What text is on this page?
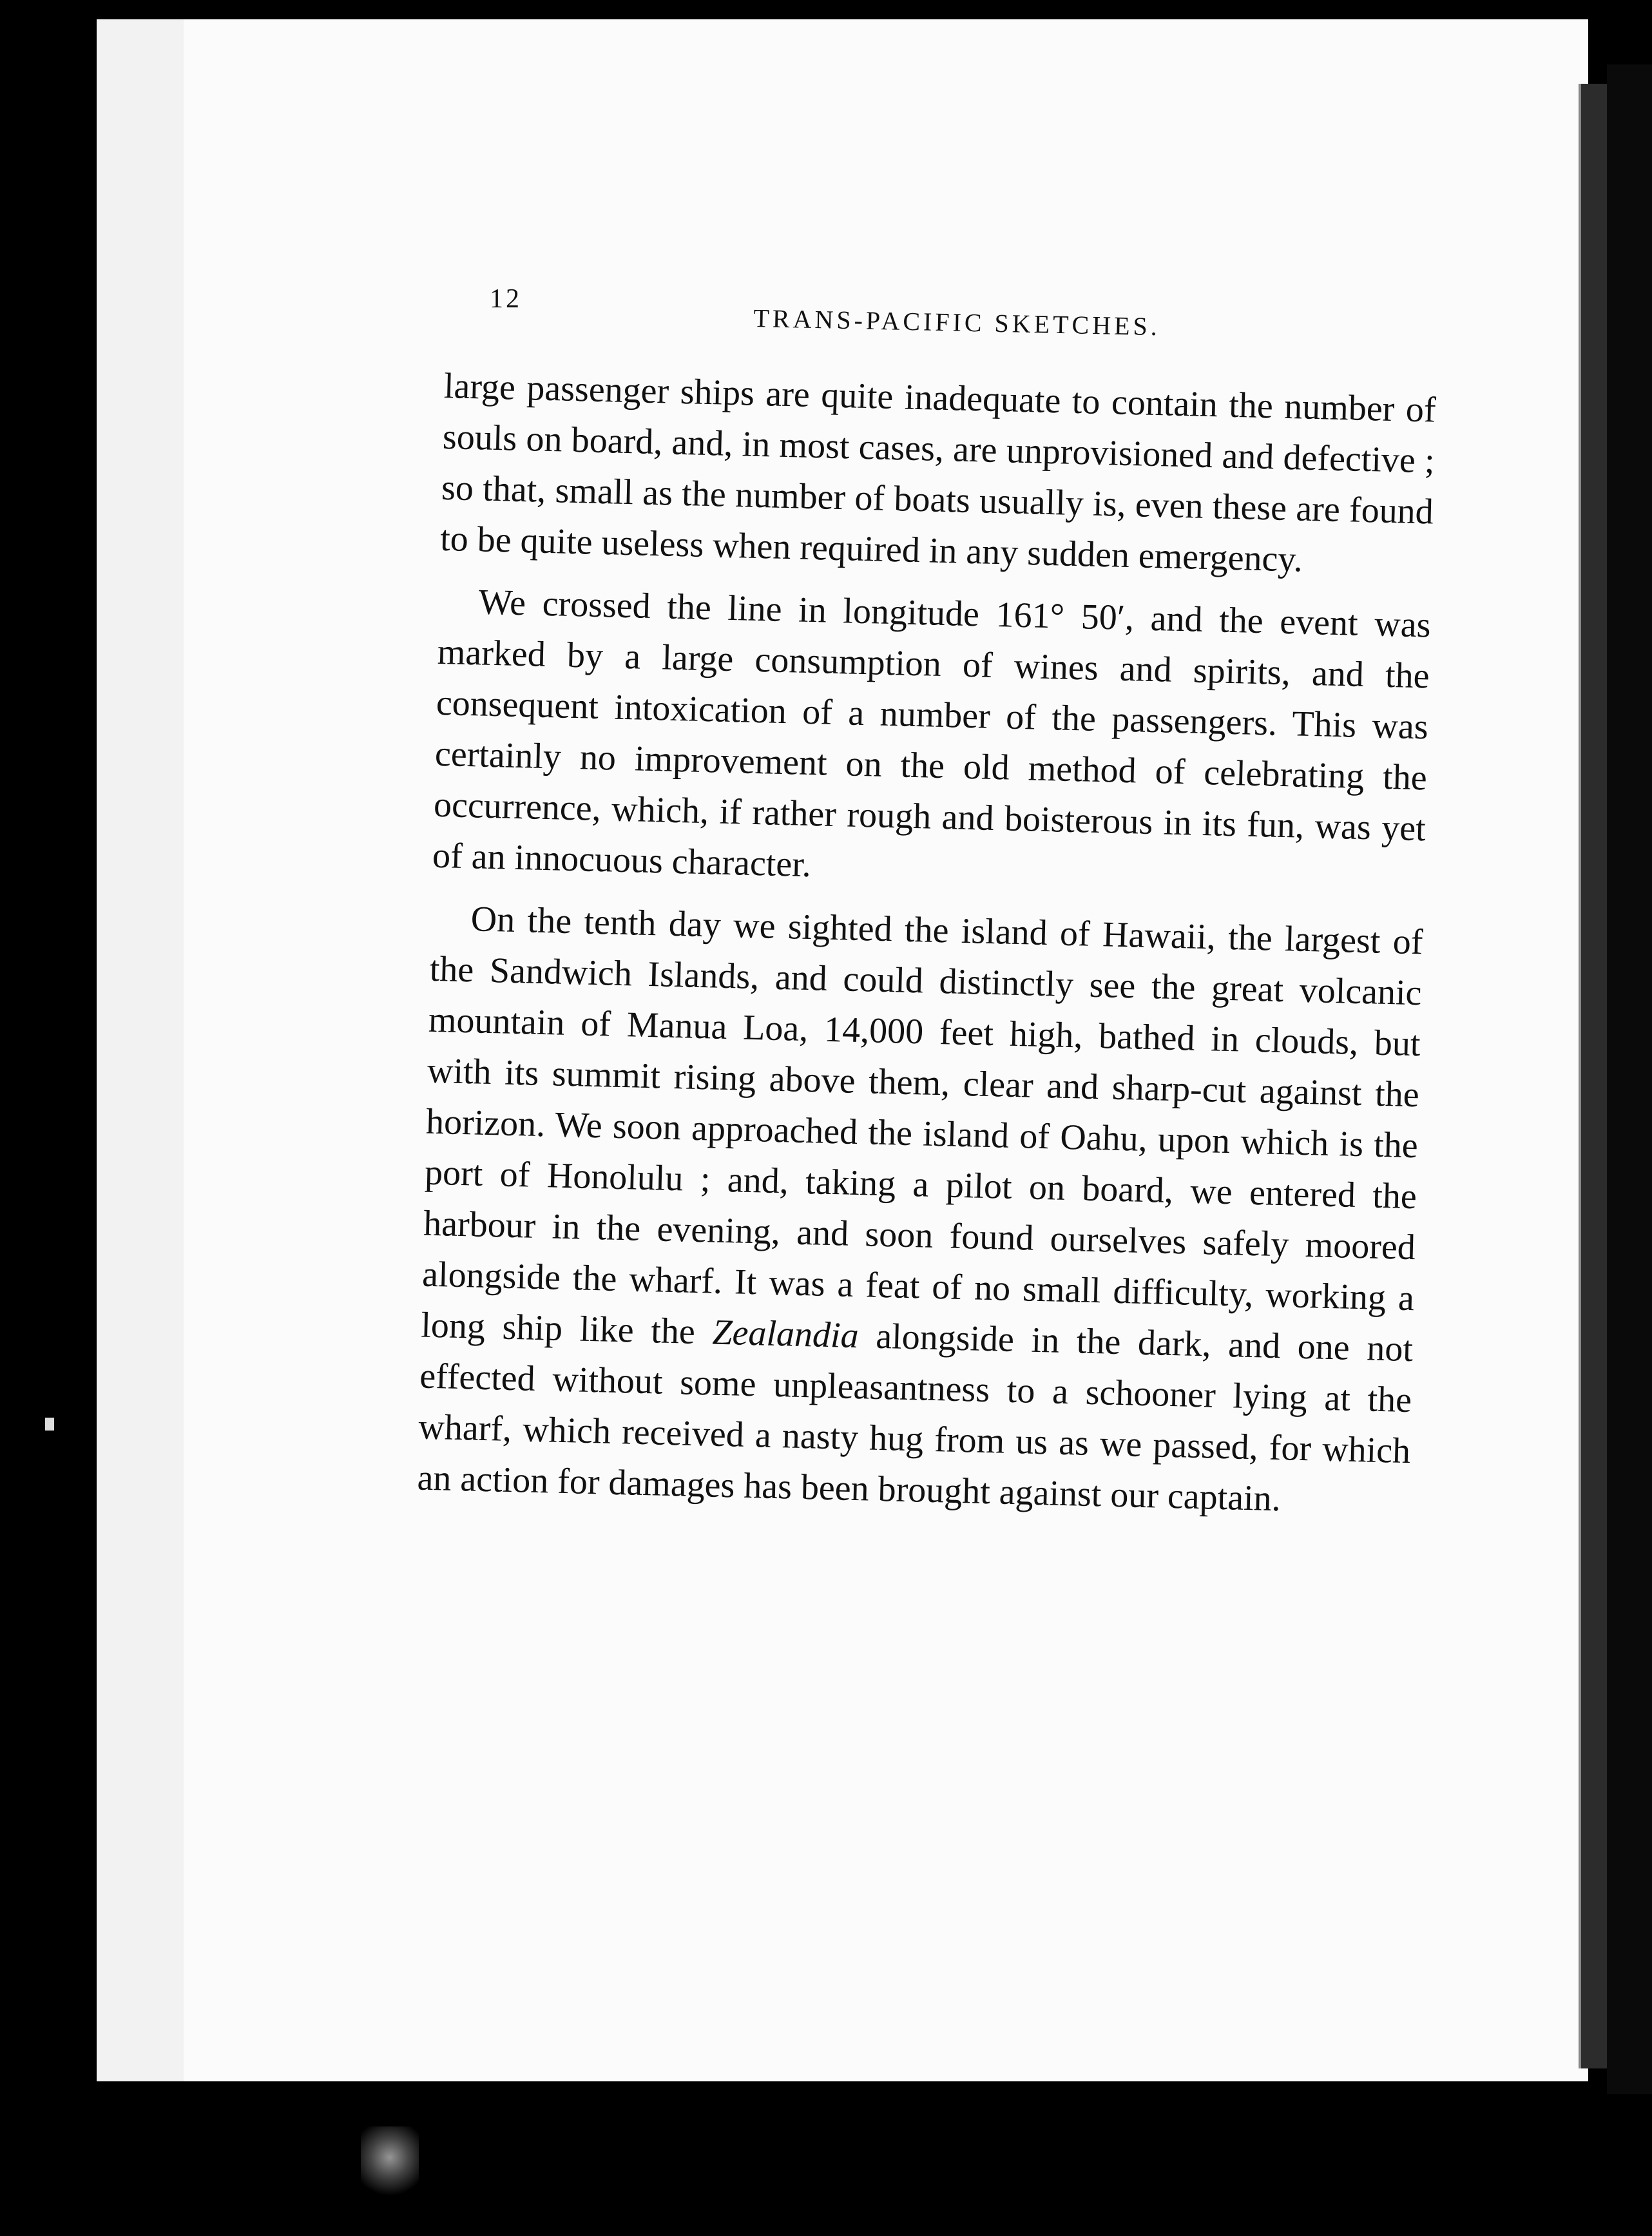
12
TRANS-PACIFIC SKETCHES.

large passenger ships are quite inadequate to contain the number of souls on board, and, in most cases, are unprovisioned and defective ; so that, small as the number of boats usually is, even these are found to be quite useless when required in any sudden emergency.

We crossed the line in longitude 161° 50′, and the event was marked by a large consumption of wines and spirits, and the consequent intoxication of a number of the passengers. This was certainly no improvement on the old method of celebrating the occurrence, which, if rather rough and boisterous in its fun, was yet of an innocuous character.

On the tenth day we sighted the island of Hawaii, the largest of the Sandwich Islands, and could distinctly see the great volcanic mountain of Manua Loa, 14,000 feet high, bathed in clouds, but with its summit rising above them, clear and sharp-cut against the horizon. We soon approached the island of Oahu, upon which is the port of Honolulu ; and, taking a pilot on board, we entered the harbour in the evening, and soon found ourselves safely moored alongside the wharf. It was a feat of no small difficulty, working a long ship like the Zealandia alongside in the dark, and one not effected without some unpleasantness to a schooner lying at the wharf, which received a nasty hug from us as we passed, for which an action for damages has been brought against our captain.
